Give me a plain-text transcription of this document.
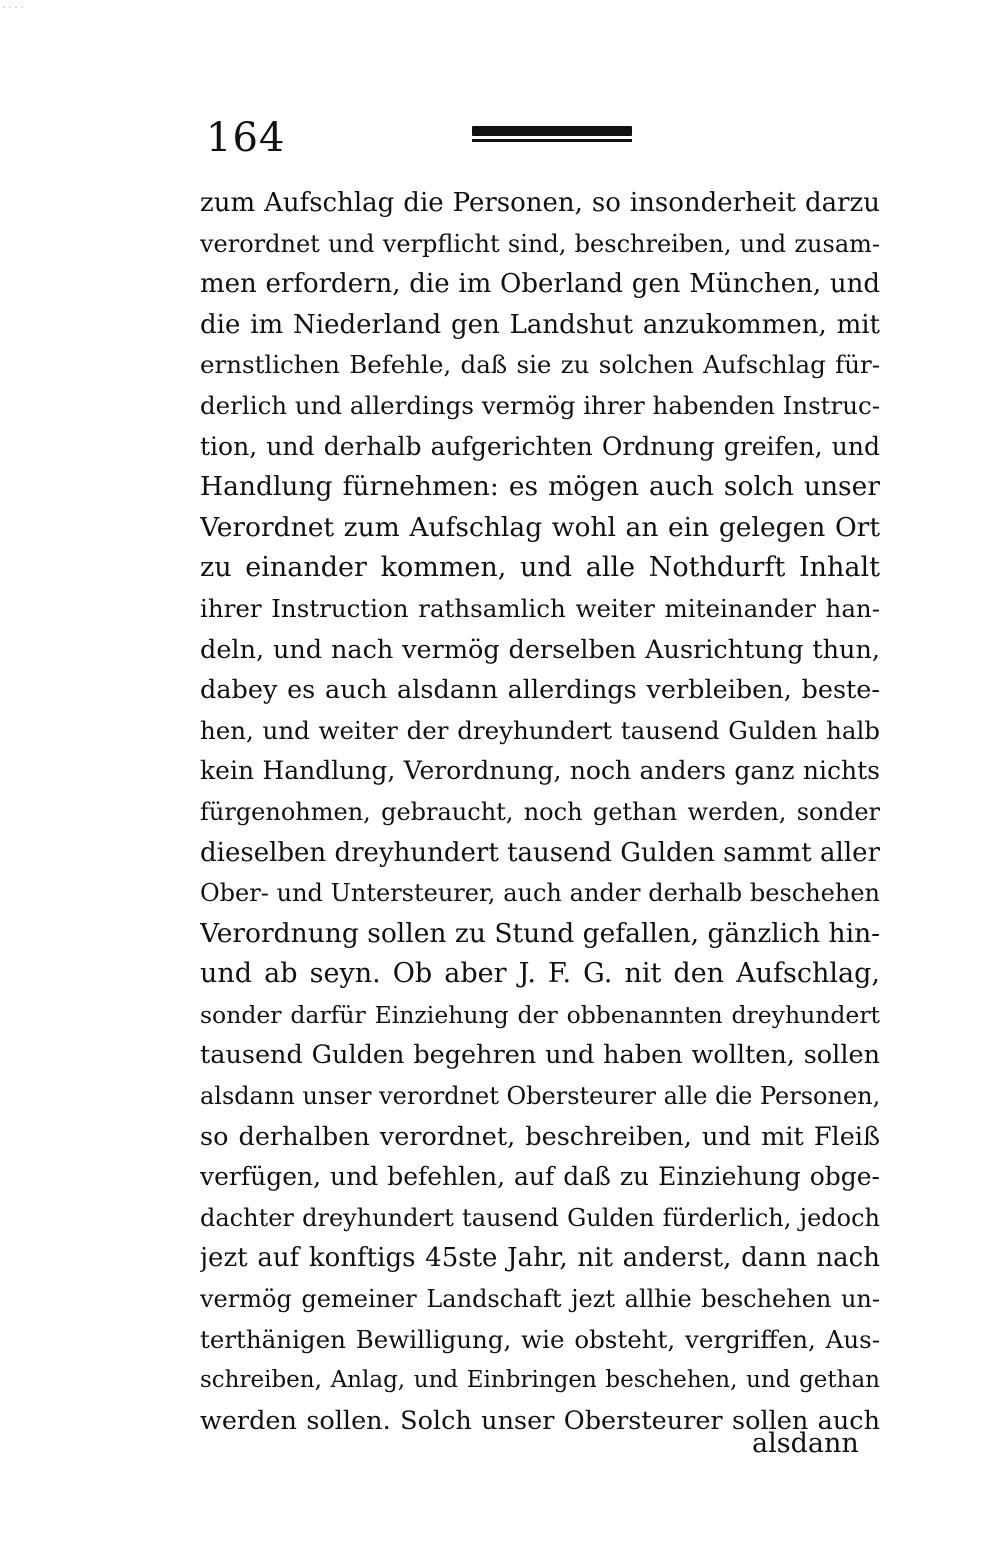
˙˙˙˙
164
zum Aufschlag die Personen, so insonderheit darzu
verordnet und verpflicht sind, beschreiben, und zusam-
men erfordern, die im Oberland gen München, und
die im Niederland gen Landshut anzukommen, mit
ernstlichen Befehle, daß sie zu solchen Aufschlag für-
derlich und allerdings vermög ihrer habenden Instruc-
tion, und derhalb aufgerichten Ordnung greifen, und
Handlung fürnehmen: es mögen auch solch unser
Verordnet zum Aufschlag wohl an ein gelegen Ort
zu einander kommen, und alle Nothdurft Inhalt
ihrer Instruction rathsamlich weiter miteinander han-
deln, und nach vermög derselben Ausrichtung thun,
dabey es auch alsdann allerdings verbleiben, beste-
hen, und weiter der dreyhundert tausend Gulden halb
kein Handlung, Verordnung, noch anders ganz nichts
fürgenohmen, gebraucht, noch gethan werden, sonder
dieselben dreyhundert tausend Gulden sammt aller
Ober- und Untersteurer, auch ander derhalb beschehen
Verordnung sollen zu Stund gefallen, gänzlich hin-
und ab seyn. Ob aber J. F. G. nit den Aufschlag,
sonder darfür Einziehung der obbenannten dreyhundert
tausend Gulden begehren und haben wollten, sollen
alsdann unser verordnet Obersteurer alle die Personen,
so derhalben verordnet, beschreiben, und mit Fleiß
verfügen, und befehlen, auf daß zu Einziehung obge-
dachter dreyhundert tausend Gulden fürderlich, jedoch
jezt auf konftigs 45ste Jahr, nit anderst, dann nach
vermög gemeiner Landschaft jezt allhie beschehen un-
terthänigen Bewilligung, wie obsteht, vergriffen, Aus-
schreiben, Anlag, und Einbringen beschehen, und gethan
werden sollen. Solch unser Obersteurer sollen auch
alsdann
